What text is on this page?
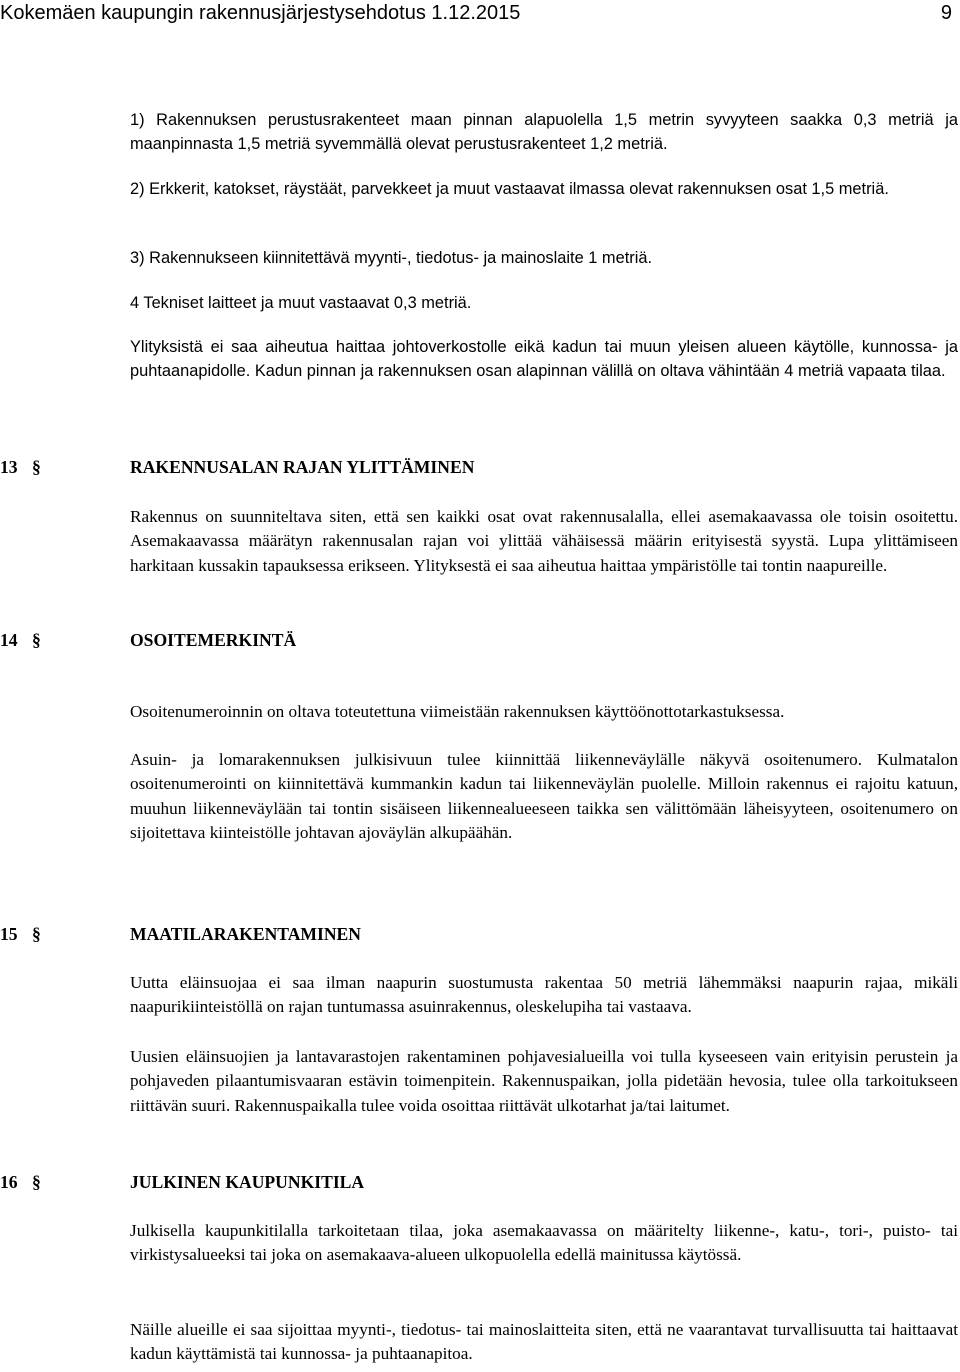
Kokemäen kaupungin rakennusjärjestysehdotus 1.12.2015	9
1) Rakennuksen perustusrakenteet maan pinnan alapuolella 1,5 metrin syvyyteen saakka 0,3 metriä ja maanpinnasta 1,5 metriä syvemmällä olevat perustusrakenteet 1,2 metriä.
2) Erkkerit, katokset, räystäät, parvekkeet ja muut vastaavat ilmassa olevat rakennuksen osat 1,5 metriä.
3) Rakennukseen kiinnitettävä myynti-, tiedotus- ja mainoslaite 1 metriä.
4 Tekniset laitteet ja muut vastaavat 0,3 metriä.
Ylityksistä ei saa aiheutua haittaa johtoverkostolle eikä kadun tai muun yleisen alueen käytölle, kunnossa- ja puhtaanapidolle. Kadun pinnan ja rakennuksen osan alapinnan välillä on oltava vähintään 4 metriä vapaata tilaa.
13 §	RAKENNUSALAN RAJAN YLITTÄMINEN
Rakennus on suunniteltava siten, että sen kaikki osat ovat rakennusalalla, ellei asemakaavassa ole toisin osoitettu. Asemakaavassa määrätyn rakennusalan rajan voi ylittää vähäisessä määrin erityisestä syystä. Lupa ylittämiseen harkitaan kussakin tapauksessa erikseen. Ylityksestä ei saa aiheutua haittaa ympäristölle tai tontin naapureille.
14 §	OSOITEMERKINTÄ
Osoitenumeroinnin on oltava toteutettuna viimeistään rakennuksen käyttöönottotarkastuksessa.
Asuin- ja lomarakennuksen julkisivuun tulee kiinnittää liikenneväylälle näkyvä osoitenumero. Kulmatalon osoitenumerointi on kiinnitettävä kummankin kadun tai liikenneväylän puolelle. Milloin rakennus ei rajoitu katuun, muuhun liikenneväylään tai tontin sisäiseen liikennealueeseen taikka sen välittömään läheisyyteen, osoitenumero on sijoitettava kiinteistölle johtavan ajoväylän alkupäähän.
15 §	MAATILARAKENTAMINEN
Uutta eläinsuojaa ei saa ilman naapurin suostumusta rakentaa 50 metriä lähemmäksi naapurin rajaa, mikäli naapurikiinteistöllä on rajan tuntumassa asuinrakennus, oleskelupiha tai vastaava.
Uusien eläinsuojien ja lantavarastojen rakentaminen pohjavesialueilla voi tulla kyseeseen vain erityisin perustein ja pohjaveden pilaantumisvaaran estävin toimenpitein. Rakennuspaikan, jolla pidetään hevosia, tulee olla tarkoitukseen riittävän suuri. Rakennuspaikalla tulee voida osoittaa riittävät ulkotarhat ja/tai laitumet.
16 §	JULKINEN KAUPUNKITILA
Julkisella kaupunkitilalla tarkoitetaan tilaa, joka asemakaavassa on määritelty liikenne-, katu-, tori-, puisto- tai virkistysalueeksi tai joka on asemakaava-alueen ulkopuolella edellä mainitussa käytössä.
Näille alueille ei saa sijoittaa myynti-, tiedotus- tai mainoslaitteita siten, että ne vaarantavat turvallisuutta tai haittaavat kadun käyttämistä tai kunnossa- ja puhtaanapitoa.
